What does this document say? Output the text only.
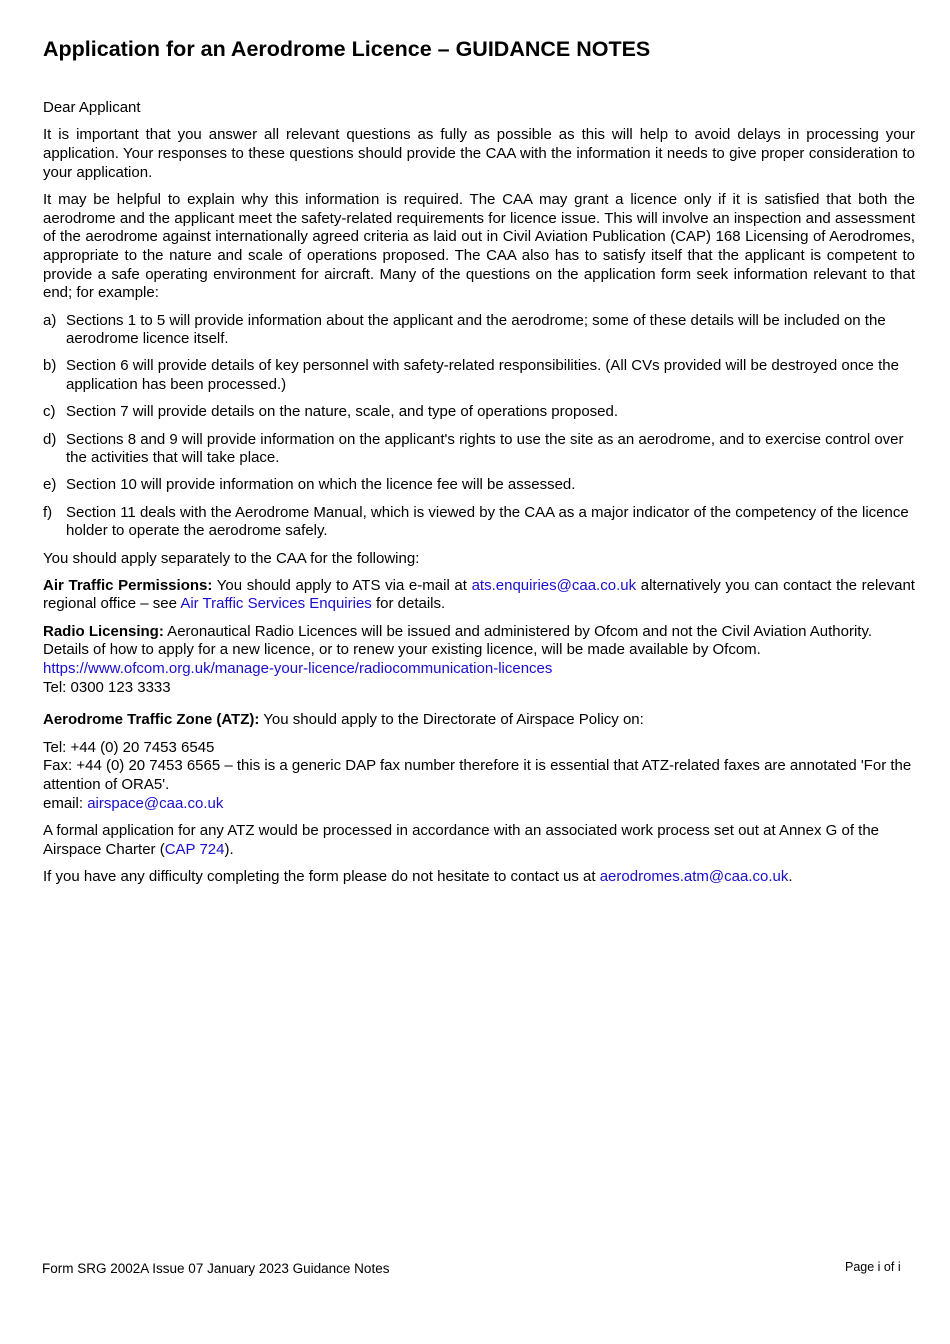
Application for an Aerodrome Licence – GUIDANCE NOTES

Dear Applicant

It is important that you answer all relevant questions as fully as possible as this will help to avoid delays in processing your application. Your responses to these questions should provide the CAA with the information it needs to give proper consideration to your application.

It may be helpful to explain why this information is required. The CAA may grant a licence only if it is satisfied that both the aerodrome and the applicant meet the safety-related requirements for licence issue. This will involve an inspection and assessment of the aerodrome against internationally agreed criteria as laid out in Civil Aviation Publication (CAP) 168 Licensing of Aerodromes, appropriate to the nature and scale of operations proposed. The CAA also has to satisfy itself that the applicant is competent to provide a safe operating environment for aircraft. Many of the questions on the application form seek information relevant to that end; for example:

a) Sections 1 to 5 will provide information about the applicant and the aerodrome; some of these details will be included on the aerodrome licence itself.
b) Section 6 will provide details of key personnel with safety-related responsibilities. (All CVs provided will be destroyed once the application has been processed.)
c) Section 7 will provide details on the nature, scale, and type of operations proposed.
d) Sections 8 and 9 will provide information on the applicant's rights to use the site as an aerodrome, and to exercise control over the activities that will take place.
e) Section 10 will provide information on which the licence fee will be assessed.
f) Section 11 deals with the Aerodrome Manual, which is viewed by the CAA as a major indicator of the competency of the licence holder to operate the aerodrome safely.

You should apply separately to the CAA for the following:

Air Traffic Permissions: You should apply to ATS via e-mail at ats.enquiries@caa.co.uk alternatively you can contact the relevant regional office – see Air Traffic Services Enquiries for details.

Radio Licensing: Aeronautical Radio Licences will be issued and administered by Ofcom and not the Civil Aviation Authority. Details of how to apply for a new licence, or to renew your existing licence, will be made available by Ofcom.
https://www.ofcom.org.uk/manage-your-licence/radiocommunication-licences
Tel: 0300 123 3333

Aerodrome Traffic Zone (ATZ): You should apply to the Directorate of Airspace Policy on:

Tel: +44 (0) 20 7453 6545
Fax: +44 (0) 20 7453 6565 – this is a generic DAP fax number therefore it is essential that ATZ-related faxes are annotated 'For the attention of ORA5'.
email: airspace@caa.co.uk

A formal application for any ATZ would be processed in accordance with an associated work process set out at Annex G of the Airspace Charter (CAP 724).

If you have any difficulty completing the form please do not hesitate to contact us at aerodromes.atm@caa.co.uk.

Form SRG 2002A Issue 07 January 2023 Guidance Notes	Page i of i
